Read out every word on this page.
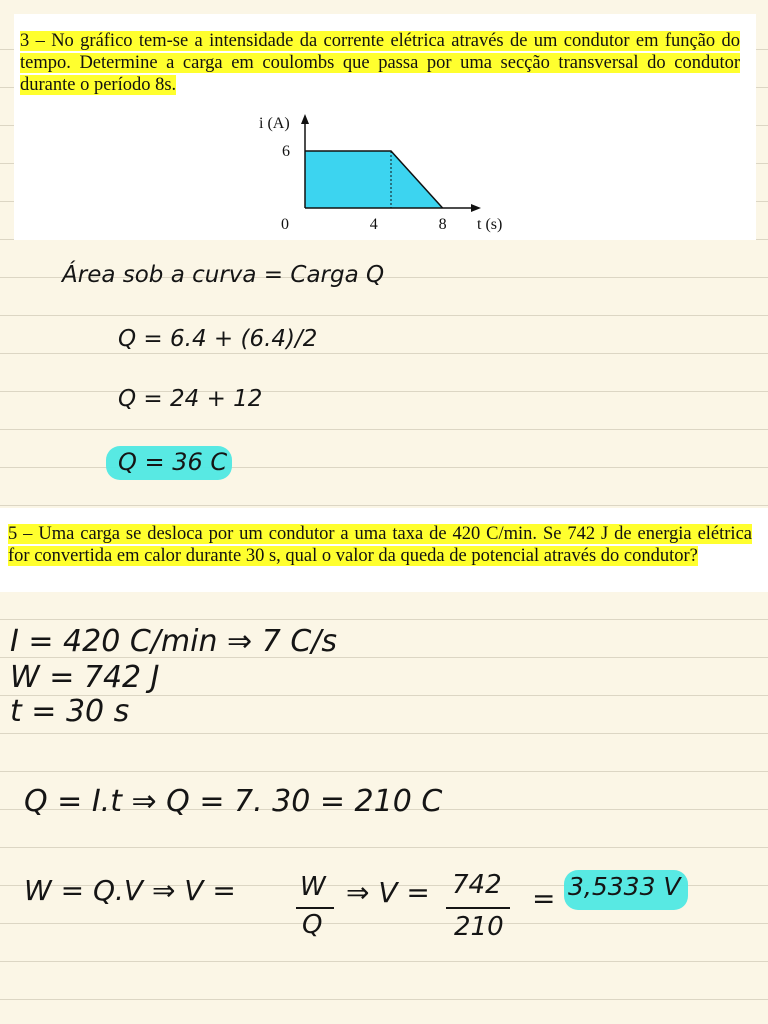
3 – No gráfico tem-se a intensidade da corrente elétrica através de um condutor em função do tempo. Determine a carga em coulombs que passa por uma secção transversal do condutor durante o período 8s.

i (A)
t (s)
0	4	8
6

Área sob a curva = Carga Q

Q = 6.4 + (6.4)/2

Q = 24 + 12

Q = 36 C

5 – Uma carga se desloca por um condutor a uma taxa de 420 C/min. Se 742 J de energia elétrica for convertida em calor durante 30 s, qual o valor da queda de potencial através do condutor?

I = 420 C/min ⇒ 7 C/s

W = 742 J

t = 30 s

Q = I.t ⇒ Q = 7. 30 = 210 C

W = Q.V ⇒ V = W

Q

⇒ V = 742

210

= 3,5333 V
